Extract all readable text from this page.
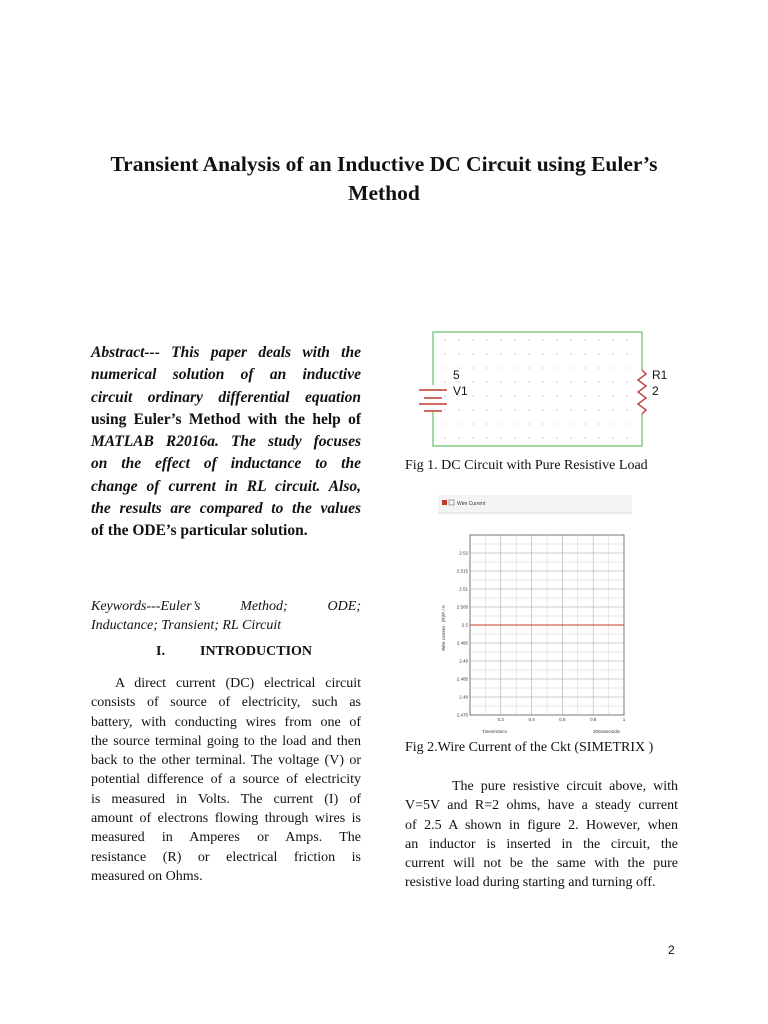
Transient Analysis of an Inductive DC Circuit using Euler’s
Method
Abstract--- This paper deals with the
numerical solution of an inductive
circuit ordinary differential equation
using Euler’s Method with the help of
MATLAB R2016a. The study focuses
on the effect of inductance to the
change of current in RL circuit. Also,
the results are compared to the values
of the ODE’s particular solution.
Keywords---Euler’s Method; ODE;
Inductance; Transient; RL Circuit
I.	INTRODUCTION
A direct current (DC) electrical circuit
consists of source of electricity, such as
battery, with conducting wires from one of
the source terminal going to the load and then
back to the other terminal. The voltage (V) or
potential difference of a source of electricity
is measured in Volts. The current (I) of
amount of electrons flowing through wires is
measured in Amperes or Amps. The
resistance (R) or electrical friction is
measured on Ohms.
5
V1
R1
2
Fig 1. DC Circuit with Pure Resistive Load
Wire Current
2.52
2.515
2.51
2.505
2.5
2.495
2.49
2.485
2.48
2.475
0.2	0.4	0.6	0.8	1
Wire current - (R)/P / A
Time/mSecs	200uSecs/div
Fig 2.Wire Current of the Ckt (SIMETRIX )
The pure resistive circuit above, with
V=5V and R=2 ohms, have a steady current
of 2.5 A shown in figure 2. However, when
an inductor is inserted in the circuit, the
current will not be the same with the pure
resistive load during starting and turning off.
2
